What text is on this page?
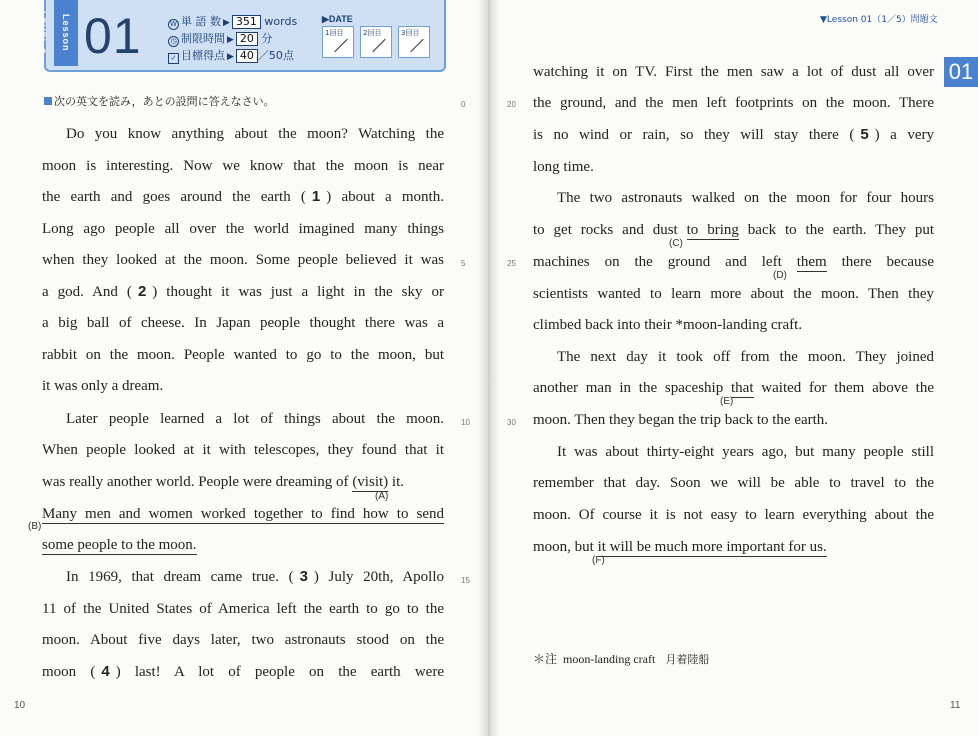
Lesson LEVEL 3 01	W 単 語 数 ▶ 351 words
◷ 制限時間 ▶ 20 分
✓ 目標得点 ▶ 40 ／50点
▶DATE
1回目	2回目	3回目
次の英文を読み，あとの設問に答えなさい。
Do you know anything about the moon? Watching the
moon is interesting. Now we know that the moon is near
the earth and goes around the earth ( 1 ) about a month.
Long ago people all over the world imagined many things
when they looked at the moon. Some people believed it was
a god. And ( 2 ) thought it was just a light in the sky or
a big ball of cheese. In Japan people thought there was a
rabbit on the moon. People wanted to go to the moon, but
it was only a dream.
Later people learned a lot of things about the moon.
When people looked at it with telescopes, they found that it
was really another world. People were dreaming of (visit) it.
(A)
Many men and women worked together to find how to send
(B)
some people to the moon.
In 1969, that dream came true. ( 3 ) July 20th, Apollo
11 of the United States of America left the earth to go to the
moon. About five days later, two astronauts stood on the
moon ( 4 ) last! A lot of people on the earth were
0
5
10
15
10
▼Lesson 01（1／5）問題文
01
watching it on TV. First the men saw a lot of dust all over
the ground, and the men left footprints on the moon. There
is no wind or rain, so they will stay there ( 5 ) a very
long time.
The two astronauts walked on the moon for four hours
to get rocks and dust to bring back to the earth. They put
(C)
machines on the ground and left them there because
(D)
scientists wanted to learn more about the moon. Then they
climbed back into their *moon-landing craft.
The next day it took off from the moon. They joined
another man in the spaceship that waited for them above the
(E)
moon. Then they began the trip back to the earth.
It was about thirty-eight years ago, but many people still
remember that day. Soon we will be able to travel to the
moon. Of course it is not easy to learn everything about the
moon, but it will be much more important for us.
(F)
20
25
30
＊注 moon-landing craft 月着陸船
11
